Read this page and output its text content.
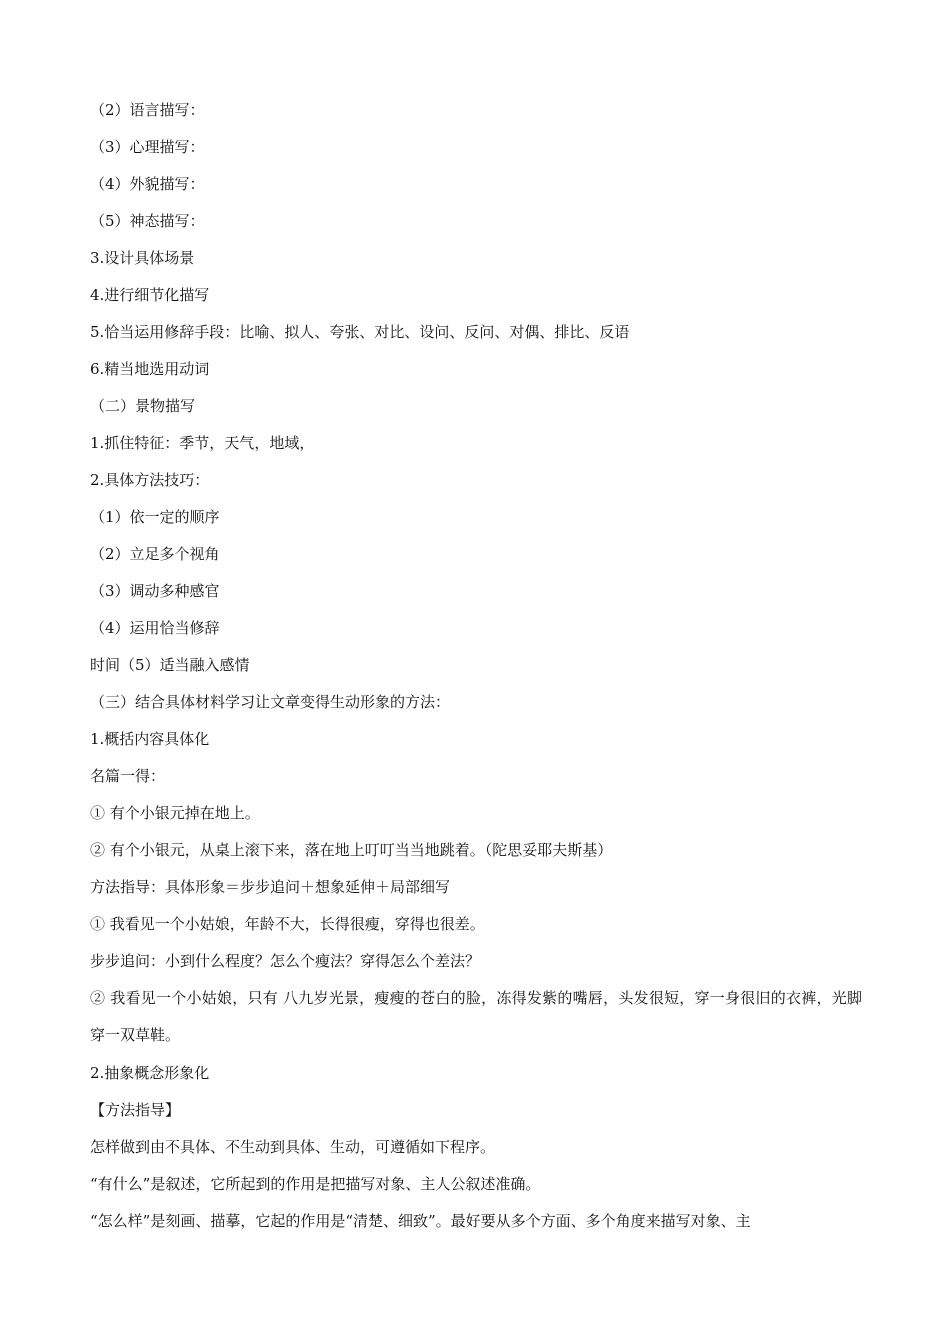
（2）语言描写：
（3）心理描写：
（4）外貌描写：
（5）神态描写：
3.设计具体场景
4.进行细节化描写
5.恰当运用修辞手段：比喻、拟人、夸张、对比、设问、反问、对偶、排比、反语
6.精当地选用动词
（二）景物描写
1.抓住特征：季节，天气，地域，
2.具体方法技巧：
（1）依一定的顺序
（2）立足多个视角
（3）调动多种感官
（4）运用恰当修辞
时间（5）适当融入感情
（三）结合具体材料学习让文章变得生动形象的方法：
1.概括内容具体化
名篇一得：
① 有个小银元掉在地上。
② 有个小银元，从桌上滚下来，落在地上叮叮当当地跳着。（陀思妥耶夫斯基）
方法指导：具体形象＝步步追问＋想象延伸＋局部细写
① 我看见一个小姑娘，年龄不大，长得很瘦，穿得也很差。
步步追问：小到什么程度？怎么个瘦法？穿得怎么个差法？
② 我看见一个小姑娘，只有 八九岁光景，瘦瘦的苍白的脸，冻得发紫的嘴唇，头发很短，穿一身很旧的衣裤，光脚穿一双草鞋。
2.抽象概念形象化
【方法指导】
怎样做到由不具体、不生动到具体、生动，可遵循如下程序。
“有什么”是叙述，它所起到的作用是把描写对象、主人公叙述准确。
“怎么样”是刻画、描摹，它起的作用是“清楚、细致”。最好要从多个方面、多个角度来描写对象、主
